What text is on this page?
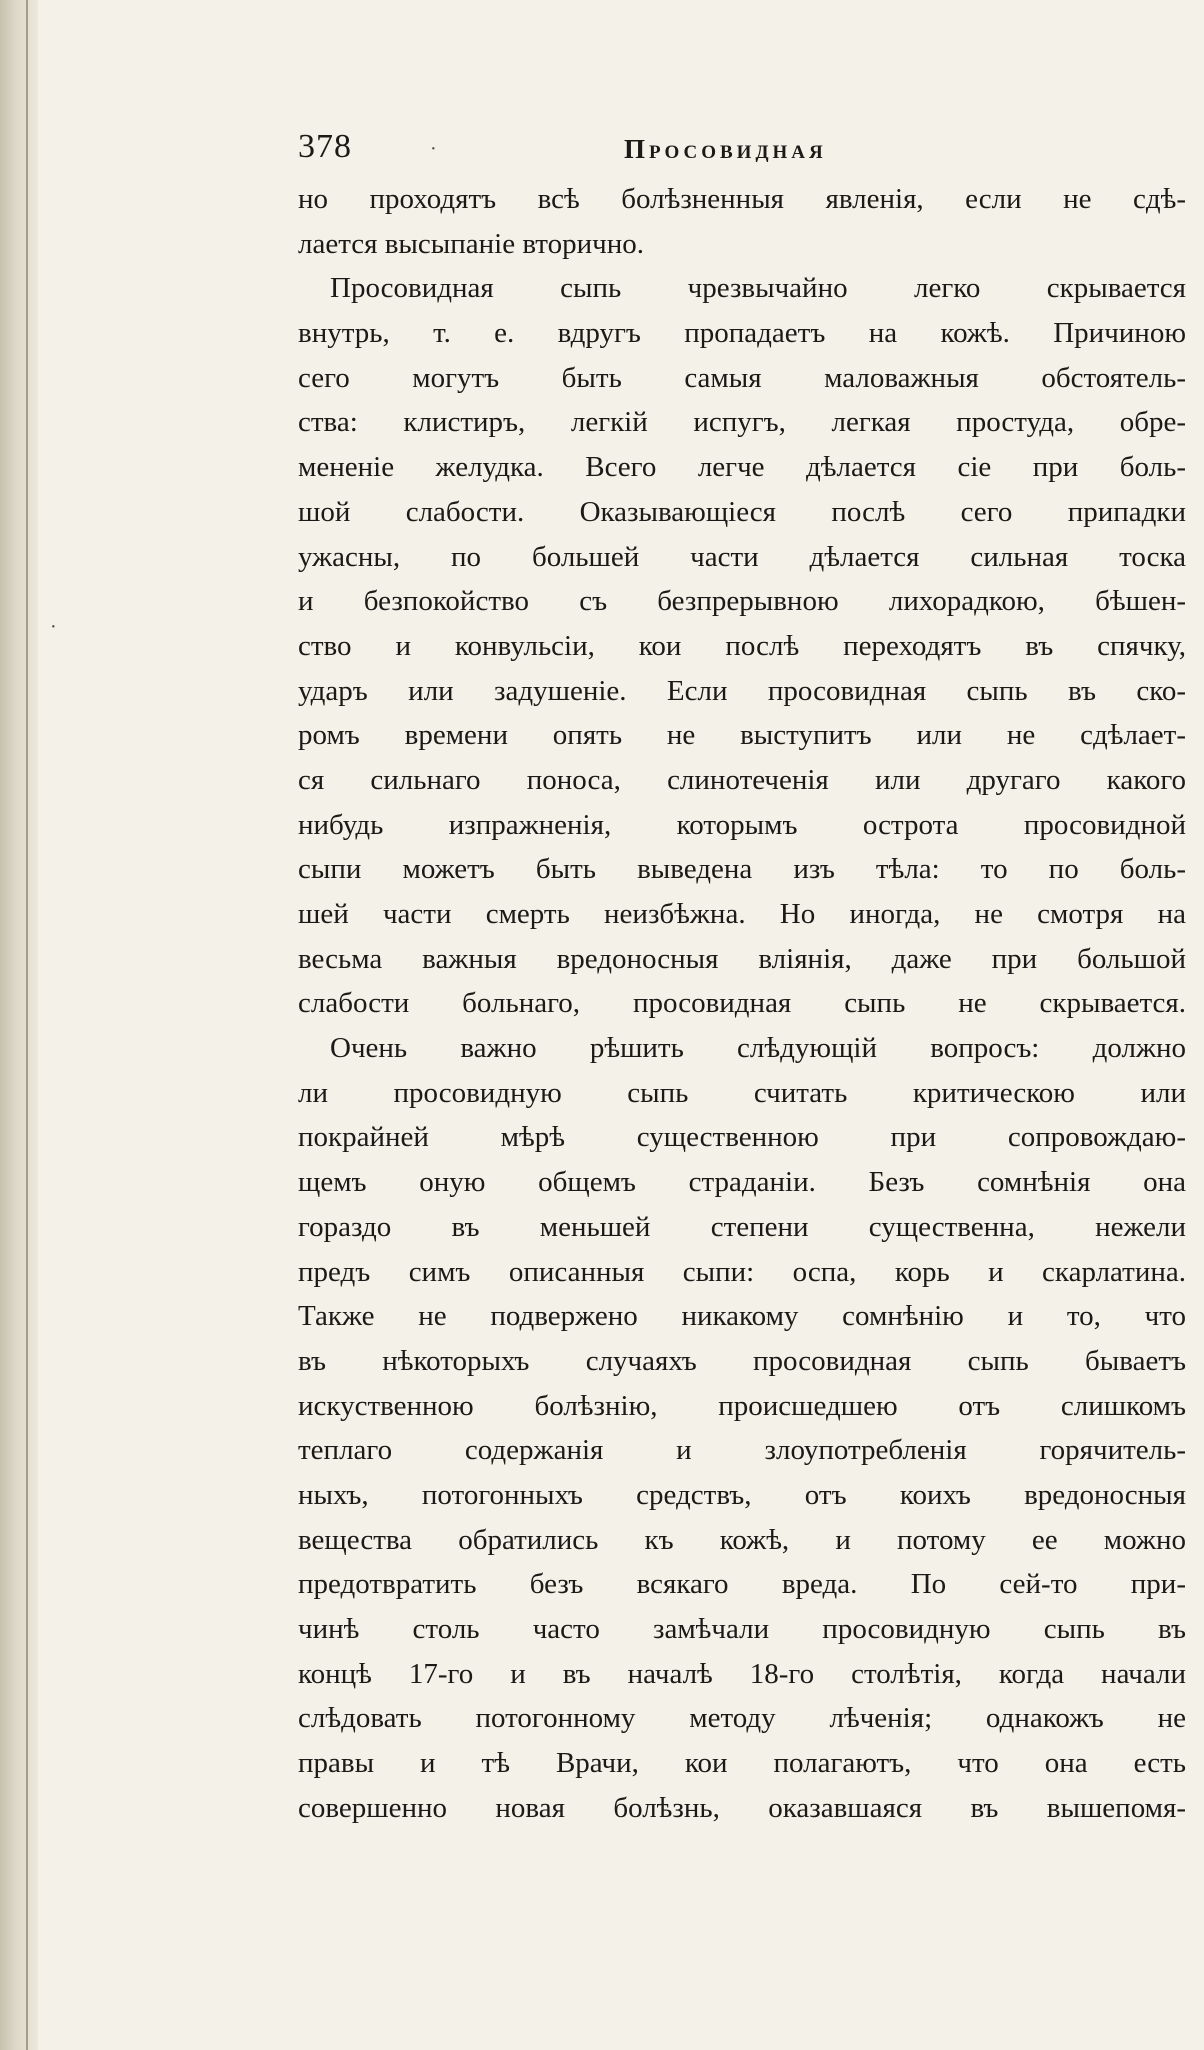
378	Просовидная
но проходятъ всѣ болѣзненныя явленія, если не сдѣ-
лается высыпаніе вторично.
Просовидная сыпь чрезвычайно легко скрывается
внутрь, т. е. вдругъ пропадаетъ на кожѣ. Причиною
сего могутъ быть самыя маловажныя обстоятель-
ства: клистиръ, легкій испугъ, легкая простуда, обре-
мененіе желудка. Всего легче дѣлается сіе при боль-
шой слабости. Оказывающіеся послѣ сего припадки
ужасны, по большей части дѣлается сильная тоска
и безпокойство съ безпрерывною лихорадкою, бѣшен-
ство и конвульсіи, кои послѣ переходятъ въ спячку,
ударъ или задушеніе. Если просовидная сыпь въ ско-
ромъ времени опять не выступитъ или не сдѣлает-
ся сильнаго поноса, слинотеченія или другаго какого
нибудь изпражненія, которымъ острота просовидной
сыпи можетъ быть выведена изъ тѣла: то по боль-
шей части смерть неизбѣжна. Но иногда, не смотря на
весьма важныя вредоносныя вліянія, даже при большой
слабости больнаго, просовидная сыпь не скрывается.
Очень важно рѣшить слѣдующій вопросъ: должно
ли просовидную сыпь считать критическою или
покрайней мѣрѣ существенною при сопровождаю-
щемъ оную общемъ страданіи. Безъ сомнѣнія она
гораздо въ меньшей степени существенна, нежели
предъ симъ описанныя сыпи: оспа, корь и скарлатина.
Также не подвержено никакому сомнѣнію и то, что
въ нѣкоторыхъ случаяхъ просовидная сыпь бываетъ
искуственною болѣзнію, происшедшею отъ слишкомъ
теплаго содержанія и злоупотребленія горячитель-
ныхъ, потогонныхъ средствъ, отъ коихъ вредоносныя
вещества обратились къ кожѣ, и потому ее можно
предотвратить безъ всякаго вреда. По сей-то при-
чинѣ столь часто замѣчали просовидную сыпь въ
концѣ 17-го и въ началѣ 18-го столѣтія, когда начали
слѣдовать потогонному методу лѣченія; однакожъ не
правы и тѣ Врачи, кои полагаютъ, что она есть
совершенно новая болѣзнь, оказавшаяся въ вышепомя-
·
·
